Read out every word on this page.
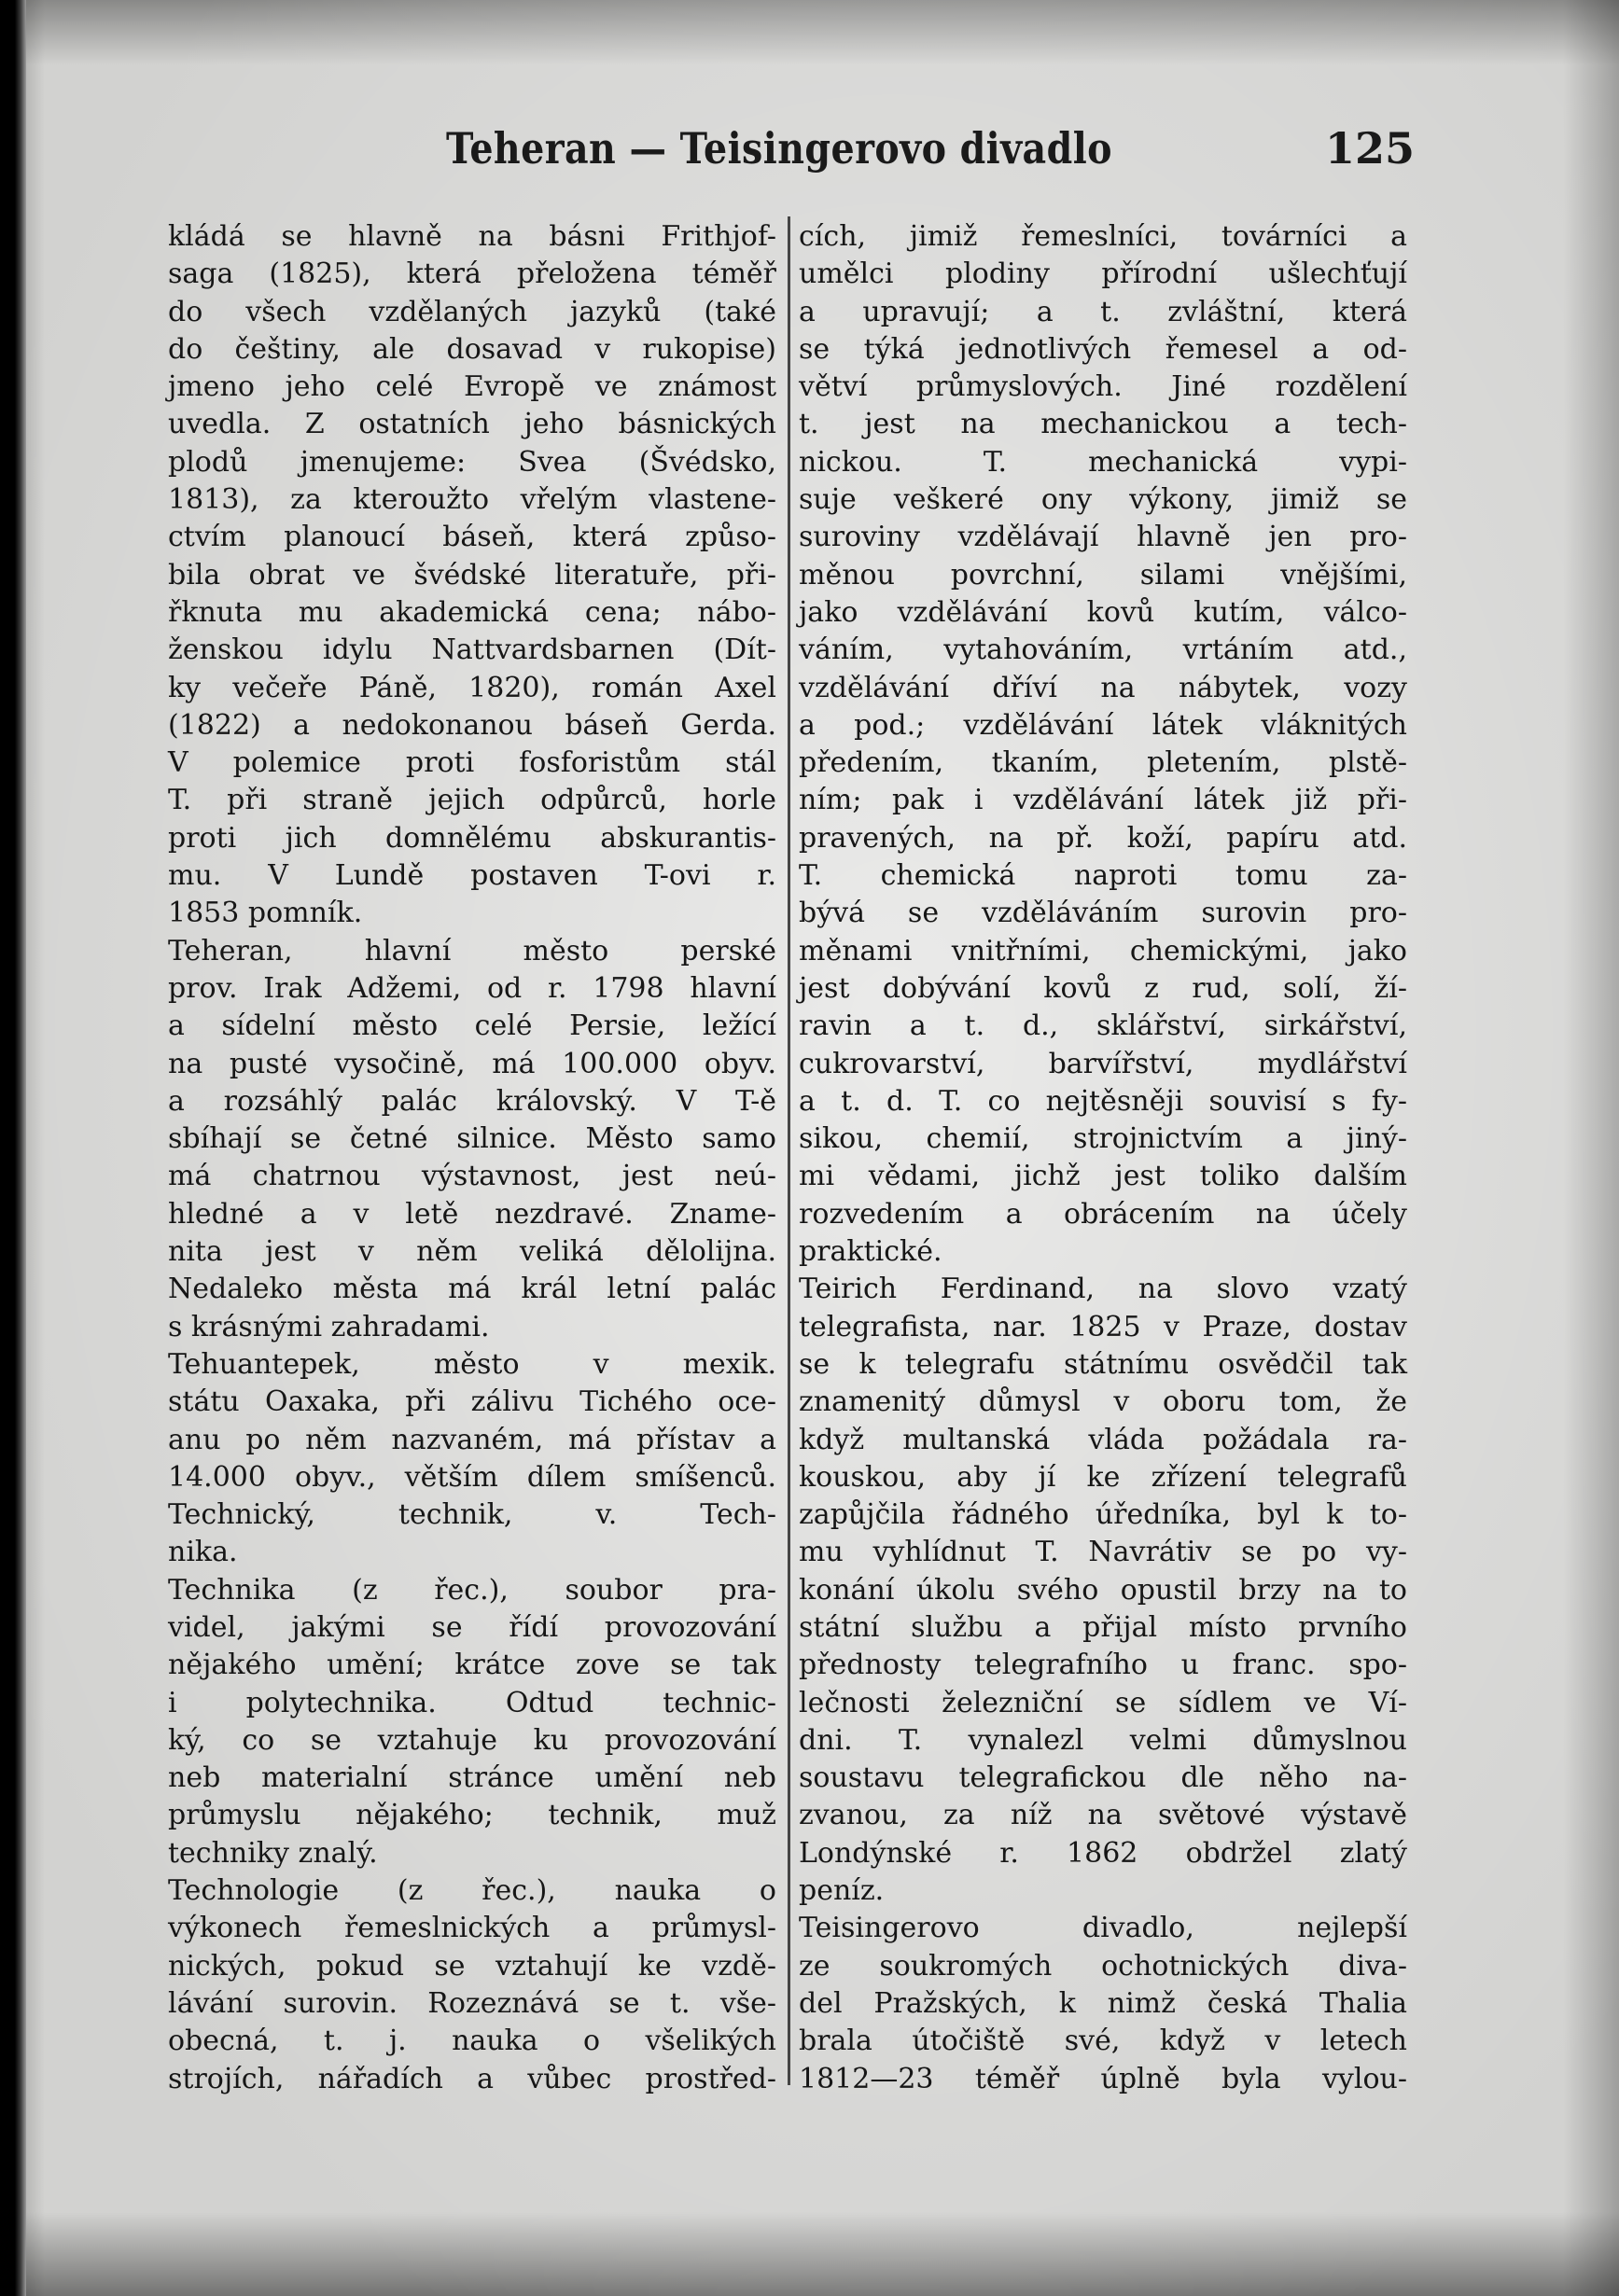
Teheran — Teisingerovo divadlo	125
kládá se hlavně na básni Frithjof-
saga (1825), která přeložena téměř
do všech vzdělaných jazyků (také
do češtiny, ale dosavad v rukopise)
jmeno jeho celé Evropě ve známost
uvedla. Z ostatních jeho básnických
plodů jmenujeme: Svea (Švédsko,
1813), za kteroužto vřelým vlastene-
ctvím planoucí báseň, která způso-
bila obrat ve švédské literatuře, při-
řknuta mu akademická cena; nábo-
ženskou idylu Nattvardsbarnen (Dít-
ky večeře Páně, 1820), román Axel
(1822) a nedokonanou báseň Gerda.
V polemice proti fosforistům stál
T. při straně jejich odpůrců, horle
proti jich domnělému abskurantis-
mu. V Lundě postaven T-ovi r.
1853 pomník.
Teheran, hlavní město perské
prov. Irak Adžemi, od r. 1798 hlavní
a sídelní město celé Persie, ležící
na pusté vysočině, má 100.000 obyv.
a rozsáhlý palác královský. V T-ě
sbíhají se četné silnice. Město samo
má chatrnou výstavnost, jest neú-
hledné a v letě nezdravé. Zname-
nita jest v něm veliká dělolijna.
Nedaleko města má král letní palác
s krásnými zahradami.
Tehuantepek, město v mexik.
státu Oaxaka, při zálivu Tichého oce-
anu po něm nazvaném, má přístav a
14.000 obyv., větším dílem smíšenců.
Technický, technik, v. Tech-
nika.
Technika (z řec.), soubor pra-
videl, jakými se řídí provozování
nějakého umění; krátce zove se tak
i polytechnika. Odtud technic-
ký, co se vztahuje ku provozování
neb materialní stránce umění neb
průmyslu nějakého; technik, muž
techniky znalý.
Technologie (z řec.), nauka o
výkonech řemeslnických a průmysl-
nických, pokud se vztahují ke vzdě-
lávání surovin. Rozeznává se t. vše-
obecná, t. j. nauka o všelikých
strojích, nářadích a vůbec prostřed-
cích, jimiž řemeslníci, továrníci a
umělci plodiny přírodní ušlechťují
a upravují; a t. zvláštní, která
se týká jednotlivých řemesel a od-
větví průmyslových. Jiné rozdělení
t. jest na mechanickou a tech-
nickou. T. mechanická vypi-
suje veškeré ony výkony, jimiž se
suroviny vzdělávají hlavně jen pro-
měnou povrchní, silami vnějšími,
jako vzdělávání kovů kutím, válco-
váním, vytahováním, vrtáním atd.,
vzdělávání dříví na nábytek, vozy
a pod.; vzdělávání látek vláknitých
předením, tkaním, pletením, plstě-
ním; pak i vzdělávání látek již při-
pravených, na př. koží, papíru atd.
T. chemická naproti tomu za-
bývá se vzděláváním surovin pro-
měnami vnitřními, chemickými, jako
jest dobývání kovů z rud, solí, ží-
ravin a t. d., sklářství, sirkářství,
cukrovarství, barvířství, mydlářství
a t. d. T. co nejtěsněji souvisí s fy-
sikou, chemií, strojnictvím a jiný-
mi vědami, jichž jest toliko dalším
rozvedením a obrácením na účely
praktické.
Teirich Ferdinand, na slovo vzatý
telegrafista, nar. 1825 v Praze, dostav
se k telegrafu státnímu osvědčil tak
znamenitý důmysl v oboru tom, že
když multanská vláda požádala ra-
kouskou, aby jí ke zřízení telegrafů
zapůjčila řádného úředníka, byl k to-
mu vyhlídnut T. Navrátiv se po vy-
konání úkolu svého opustil brzy na to
státní službu a přijal místo prvního
přednosty telegrafního u franc. spo-
lečnosti železniční se sídlem ve Ví-
dni. T. vynalezl velmi důmyslnou
soustavu telegrafickou dle něho na-
zvanou, za níž na světové výstavě
Londýnské r. 1862 obdržel zlatý
peníz.
Teisingerovo divadlo, nejlepší
ze soukromých ochotnických diva-
del Pražských, k nimž česká Thalia
brala útočiště své, když v letech
1812—23 téměř úplně byla vylou-
